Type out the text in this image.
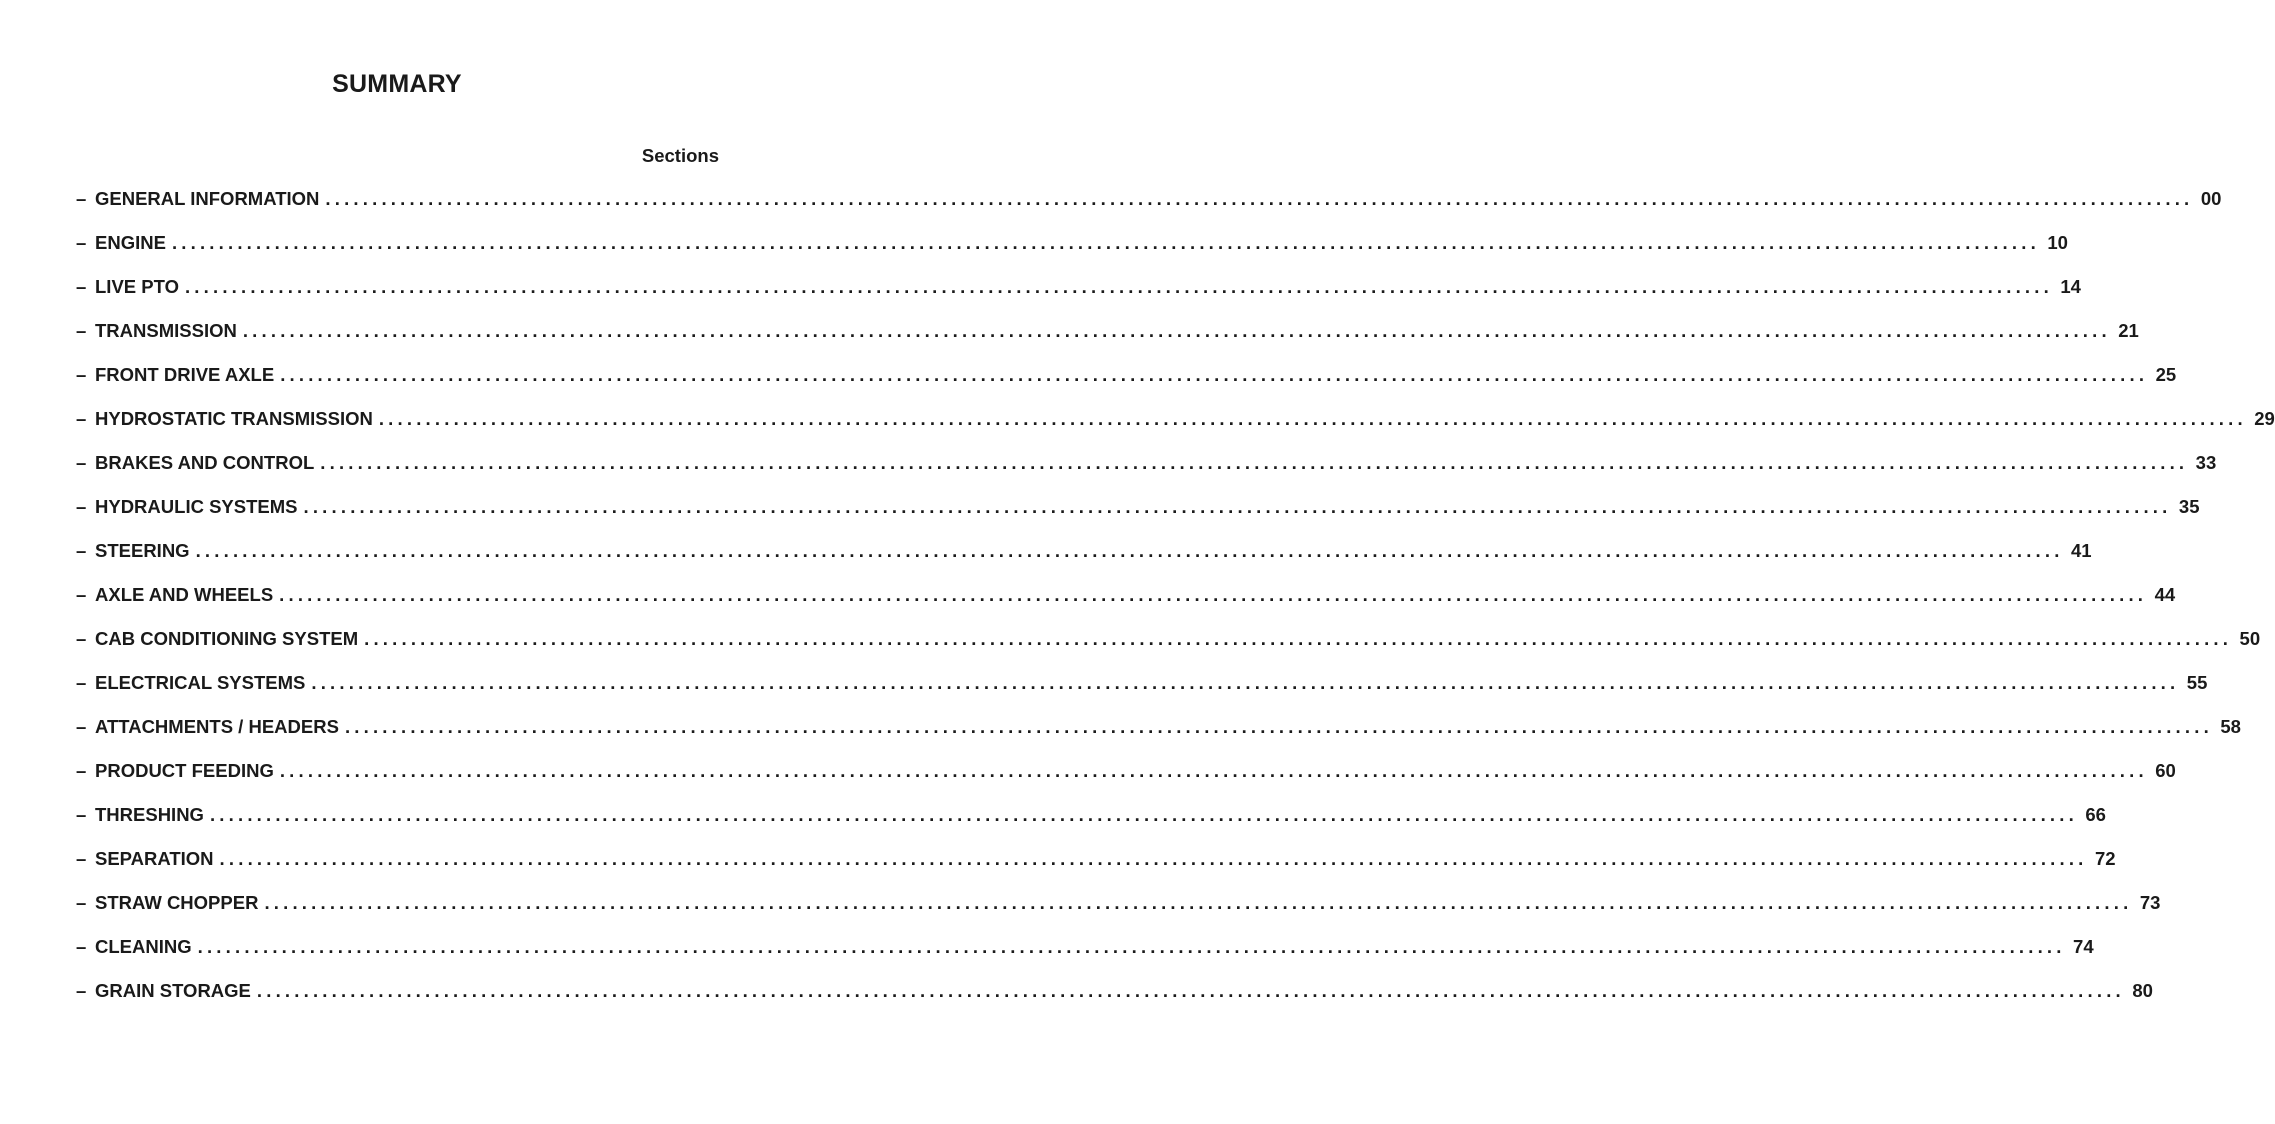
SUMMARY
Sections
– GENERAL INFORMATION ........................................................................................................................................................................................................ 00
– ENGINE ........................................................................................................................................................................................................ 10
– LIVE PTO ........................................................................................................................................................................................................ 14
– TRANSMISSION ........................................................................................................................................................................................................ 21
– FRONT DRIVE AXLE ........................................................................................................................................................................................................ 25
– HYDROSTATIC TRANSMISSION ........................................................................................................................................................................................................ 29
– BRAKES AND CONTROL ........................................................................................................................................................................................................ 33
– HYDRAULIC SYSTEMS ........................................................................................................................................................................................................ 35
– STEERING ........................................................................................................................................................................................................ 41
– AXLE AND WHEELS ........................................................................................................................................................................................................ 44
– CAB CONDITIONING SYSTEM ........................................................................................................................................................................................................ 50
– ELECTRICAL SYSTEMS ........................................................................................................................................................................................................ 55
– ATTACHMENTS / HEADERS ........................................................................................................................................................................................................ 58
– PRODUCT FEEDING ........................................................................................................................................................................................................ 60
– THRESHING ........................................................................................................................................................................................................ 66
– SEPARATION ........................................................................................................................................................................................................ 72
– STRAW CHOPPER ........................................................................................................................................................................................................ 73
– CLEANING ........................................................................................................................................................................................................ 74
– GRAIN STORAGE ........................................................................................................................................................................................................ 80
